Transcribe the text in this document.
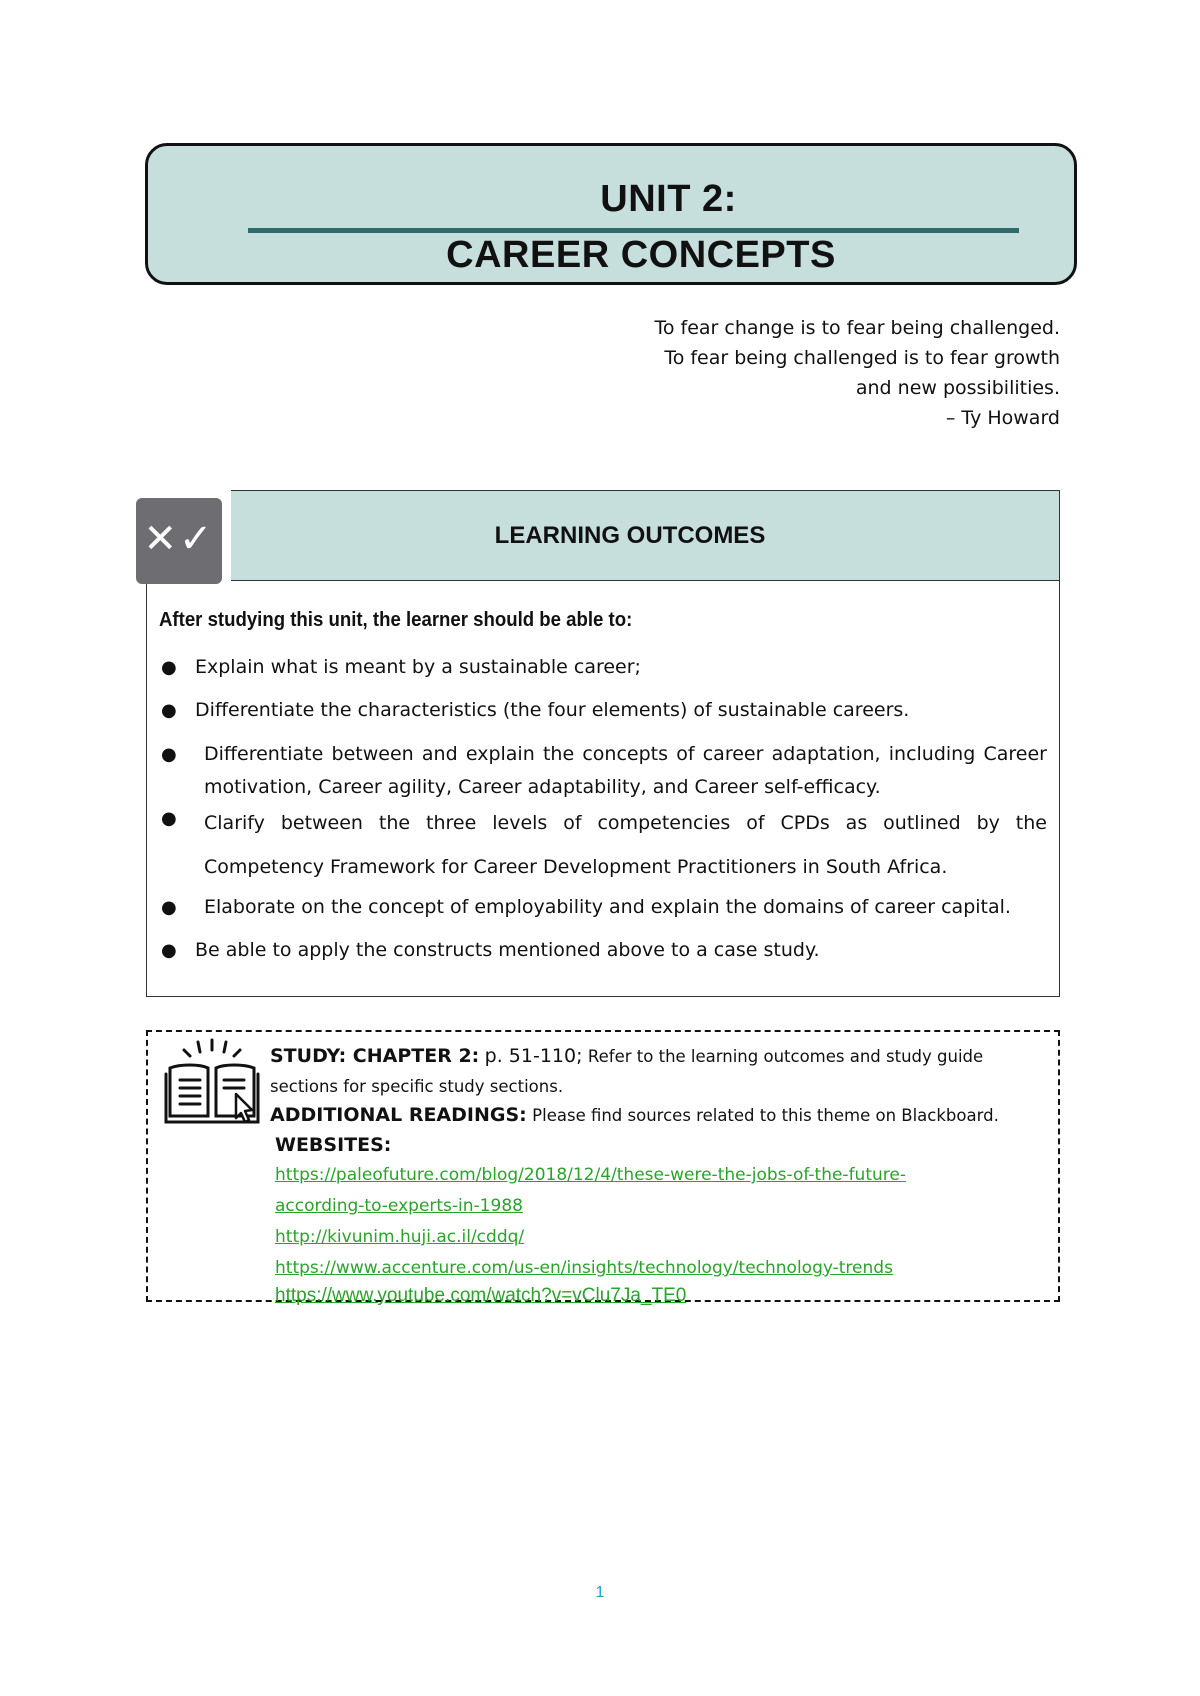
UNIT 2:
CAREER CONCEPTS
To fear change is to fear being challenged.
To fear being challenged is to fear growth
and new possibilities.
– Ty Howard
LEARNING OUTCOMES
After studying this unit, the learner should be able to:
● Explain what is meant by a sustainable career;
● Differentiate the characteristics (the four elements) of sustainable careers.
● Differentiate between and explain the concepts of career adaptation, including Career motivation, Career agility, Career adaptability, and Career self-efficacy.
● Clarify between the three levels of competencies of CPDs as outlined by the Competency Framework for Career Development Practitioners in South Africa.
● Elaborate on the concept of employability and explain the domains of career capital.
● Be able to apply the constructs mentioned above to a case study.
✕✓
STUDY: CHAPTER 2: p. 51-110; Refer to the learning outcomes and study guide
sections for specific study sections.
ADDITIONAL READINGS: Please find sources related to this theme on Blackboard.
WEBSITES:
https://paleofuture.com/blog/2018/12/4/these-were-the-jobs-of-the-future-
according-to-experts-in-1988
http://kivunim.huji.ac.il/cddq/
https://www.accenture.com/us-en/insights/technology/technology-trends
https://www.youtube.com/watch?v=vClu7Ja_TE0
1
